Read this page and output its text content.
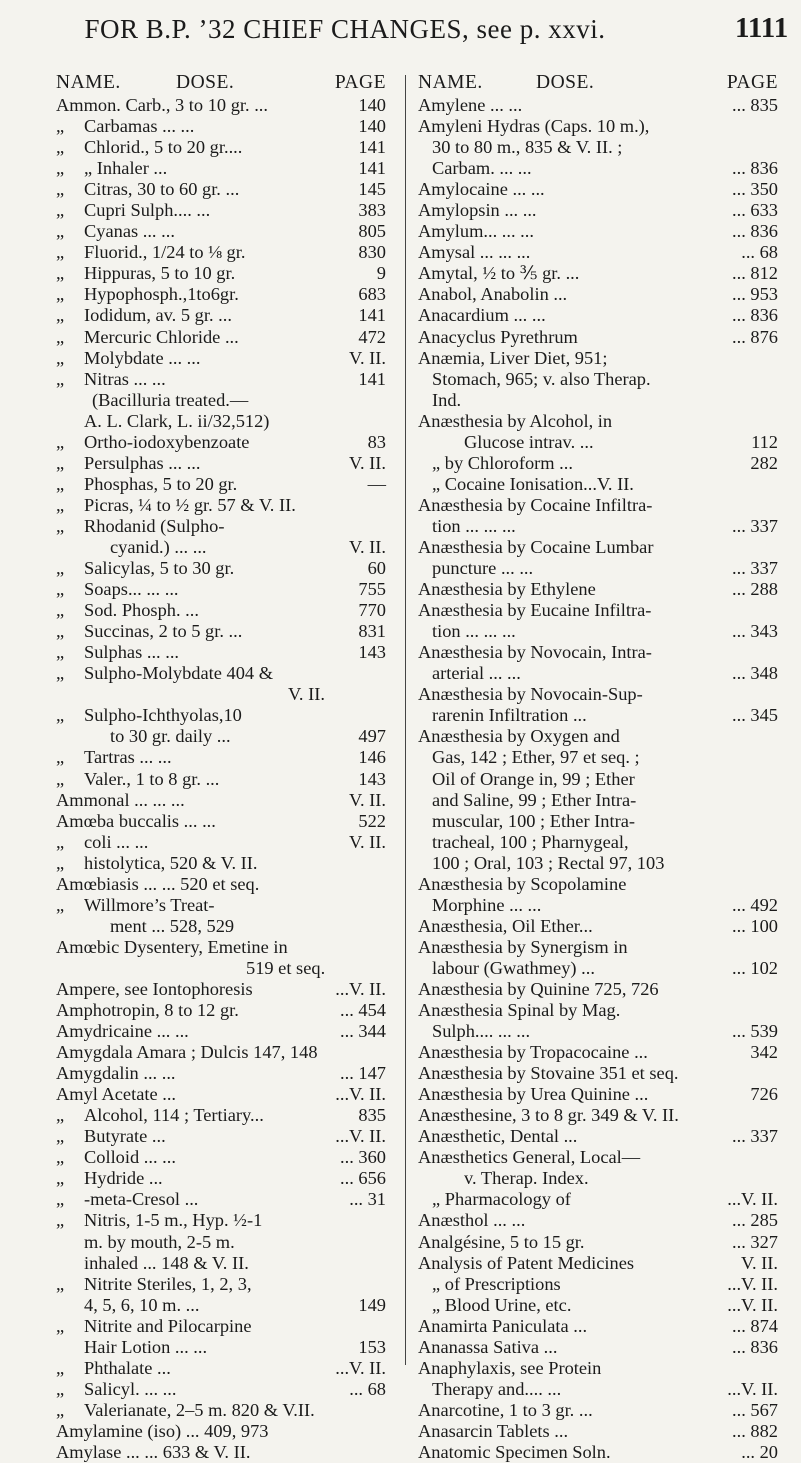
FOR B.P. ’32 CHIEF CHANGES, see p. xxvi.	1111
NAME.	DOSE.	PAGE
Ammon. Carb., 3 to 10 gr. ...	140
„ Carbamas ... ...	140
„ Chlorid., 5 to 20 gr....	141
„ „ Inhaler ...	141
„ Citras, 30 to 60 gr. ...	145
„ Cupri Sulph.... ...	383
„ Cyanas ... ...	805
„ Fluorid., 1/24 to ⅛ gr.	830
„ Hippuras, 5 to 10 gr.	9
„ Hypophosph.,1to6gr.	683
„ Iodidum, av. 5 gr. ...	141
„ Mercuric Chloride ...	472
„ Molybdate ... ...	V. II.
„ Nitras ... ...	141
(Bacilluria treated.—
A. L. Clark, L. ii/32,512)
„ Ortho-iodoxybenzoate	83
„ Persulphas ... ...	V. II.
„ Phosphas, 5 to 20 gr.	—
„ Picras, ¼ to ½ gr. 57 & V. II.
„ Rhodanid (Sulpho-
cyanid.) ... ...	V. II.
„ Salicylas, 5 to 30 gr.	60
„ Soaps... ... ...	755
„ Sod. Phosph. ...	770
„ Succinas, 2 to 5 gr. ...	831
„ Sulphas ... ...	143
„ Sulpho-Molybdate 404 &
V. II.
„ Sulpho-Ichthyolas,10
to 30 gr. daily ...	497
„ Tartras ... ...	146
„ Valer., 1 to 8 gr. ...	143
Ammonal ... ... ...	V. II.
Amœba buccalis ... ...	522
„ coli ... ...	V. II.
„ histolytica, 520 & V. II.
Amœbiasis ... ... 520 et seq.
„ Willmore’s Treat-
ment ... 528, 529
Amœbic Dysentery, Emetine in
519 et seq.
Ampere, see Iontophoresis	...V. II.
Amphotropin, 8 to 12 gr.	... 454
Amydricaine ... ...	... 344
Amygdala Amara ; Dulcis 147, 148
Amygdalin ... ...	... 147
Amyl Acetate ...	...V. II.
„ Alcohol, 114 ; Tertiary...	835
„ Butyrate ...	...V. II.
„ Colloid ... ...	... 360
„ Hydride ...	... 656
„ -meta-Cresol ...	... 31
„ Nitris, 1-5 m., Hyp. ½-1
m. by mouth, 2-5 m.
inhaled ... 148 & V. II.
„ Nitrite Steriles, 1, 2, 3,
4, 5, 6, 10 m. ...	149
„ Nitrite and Pilocarpine
Hair Lotion ... ...	153
„ Phthalate ...	...V. II.
„ Salicyl. ... ...	... 68
„ Valerianate, 2–5 m. 820 & V.II.
Amylamine (iso) ... 409, 973
Amylase ... ... 633 & V. II.
NAME.	DOSE.	PAGE
Amylene ... ...	... 835
Amyleni Hydras (Caps. 10 m.),
30 to 80 m., 835 & V. II. ;
Carbam. ... ...	... 836
Amylocaine ... ...	... 350
Amylopsin ... ...	... 633
Amylum... ... ...	... 836
Amysal ... ... ...	... 68
Amytal, ½ to ⅗ gr. ...	... 812
Anabol, Anabolin ...	... 953
Anacardium ... ...	... 836
Anacyclus Pyrethrum	... 876
Anæmia, Liver Diet, 951;
Stomach, 965; v. also Therap.
Ind.
Anæsthesia by Alcohol, in
Glucose intrav. ...	112
„ by Chloroform ...	282
„ Cocaine Ionisation...V. II.
Anæsthesia by Cocaine Infiltra-
tion ... ... ...	... 337
Anæsthesia by Cocaine Lumbar
puncture ... ...	... 337
Anæsthesia by Ethylene	... 288
Anæsthesia by Eucaine Infiltra-
tion ... ... ...	... 343
Anæsthesia by Novocain, Intra-
arterial ... ...	... 348
Anæsthesia by Novocain-Sup-
rarenin Infiltration ...	... 345
Anæsthesia by Oxygen and
Gas, 142 ; Ether, 97 et seq. ;
Oil of Orange in, 99 ; Ether
and Saline, 99 ; Ether Intra-
muscular, 100 ; Ether Intra-
tracheal, 100 ; Pharnygeal,
100 ; Oral, 103 ; Rectal 97, 103
Anæsthesia by Scopolamine
Morphine ... ...	... 492
Anæsthesia, Oil Ether...	... 100
Anæsthesia by Synergism in
labour (Gwathmey) ...	... 102
Anæsthesia by Quinine 725, 726
Anæsthesia Spinal by Mag.
Sulph.... ... ...	... 539
Anæsthesia by Tropacocaine ...	342
Anæsthesia by Stovaine 351 et seq.
Anæsthesia by Urea Quinine ...	726
Anæsthesine, 3 to 8 gr. 349 & V. II.
Anæsthetic, Dental ...	... 337
Anæsthetics General, Local—
v. Therap. Index.
„ Pharmacology of	...V. II.
Anæsthol ... ...	... 285
Analgésine, 5 to 15 gr.	... 327
Analysis of Patent Medicines	V. II.
„ of Prescriptions	...V. II.
„ Blood Urine, etc.	...V. II.
Anamirta Paniculata ...	... 874
Ananassa Sativa ...	... 836
Anaphylaxis, see Protein
Therapy and.... ...	...V. II.
Anarcotine, 1 to 3 gr. ...	... 567
Anasarcin Tablets ...	... 882
Anatomic Specimen Soln.	... 20
